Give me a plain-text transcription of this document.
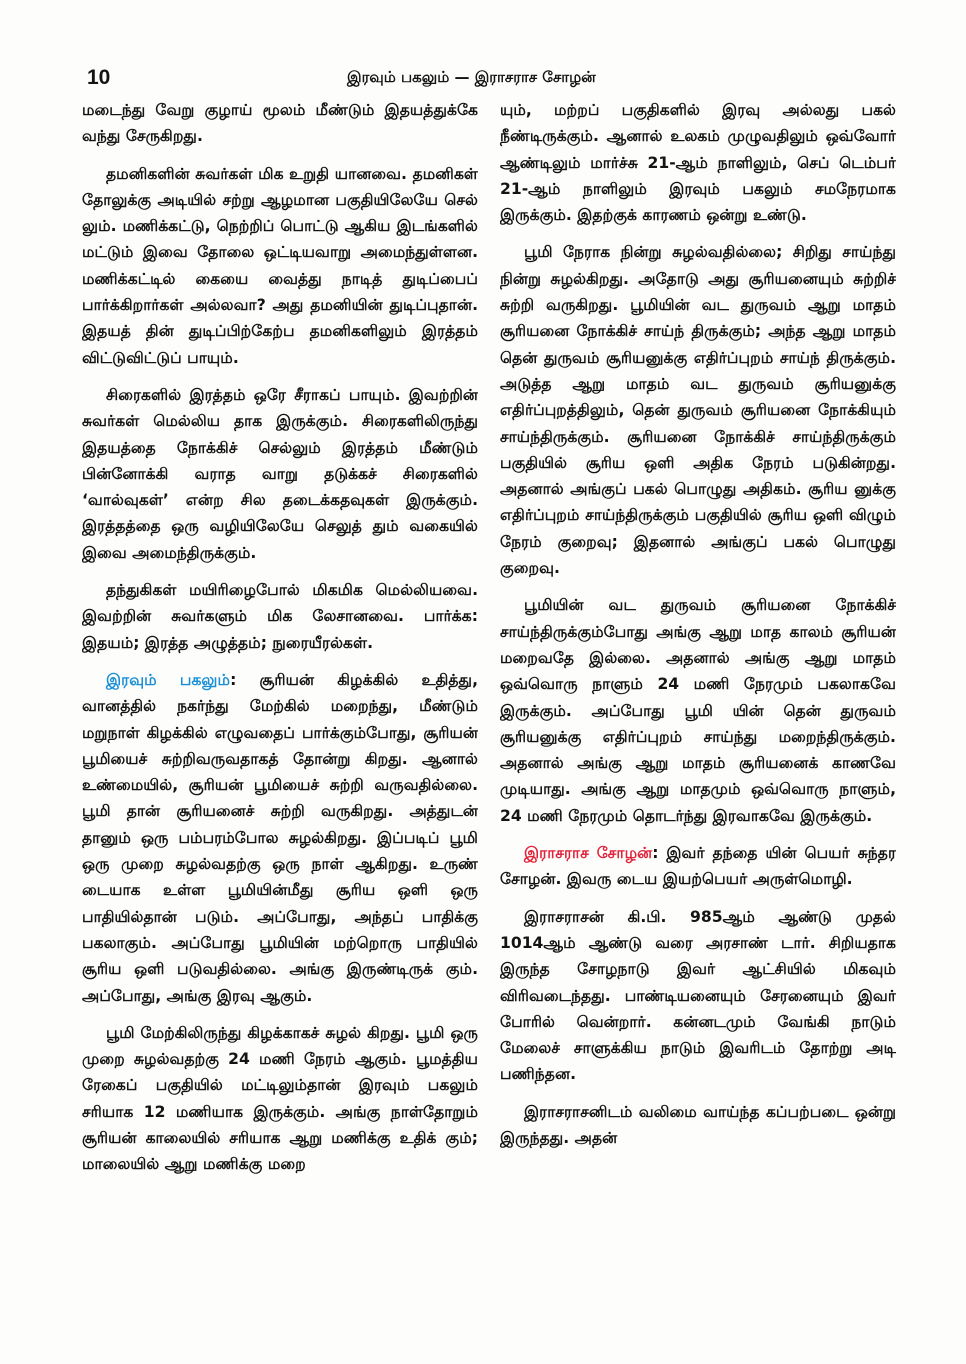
10	இரவும் பகலும் — இராசராச சோழன்

மடைந்து வேறு குழாய் மூலம் மீண்டும் இதயத்துக்கே வந்து சேருகிறது.

தமனிகளின் சுவர்கள் மிக உறுதி யானவை. தமனிகள் தோலுக்கு அடியில் சற்று ஆழமான பகுதியிலேயே செல் லும். மணிக்கட்டு, நெற்றிப் பொட்டு ஆகிய இடங்களில் மட்டும் இவை தோலை ஒட்டியவாறு அமைந்துள்ளன. மணிக்கட்டில் கையை வைத்து நாடித் துடிப்பைப் பார்க்கிறார்கள் அல்லவா? அது தமனியின் துடிப்புதான். இதயத் தின் துடிப்பிற்கேற்ப தமனிகளிலும் இரத்தம் விட்டுவிட்டுப் பாயும்.

சிரைகளில் இரத்தம் ஒரே சீராகப் பாயும். இவற்றின் சுவர்கள் மெல்லிய தாக இருக்கும். சிரைகளிலிருந்து இதயத்தை நோக்கிச் செல்லும் இரத்தம் மீண்டும் பின்னோக்கி வராத வாறு தடுக்கச் சிரைகளில் ‘வால்வுகள்’ என்ற சில தடைக்கதவுகள் இருக்கும். இரத்தத்தை ஒரு வழியிலேயே செலுத் தும் வகையில் இவை அமைந்திருக்கும்.

தந்துகிகள் மயிரிழைபோல் மிகமிக மெல்லியவை. இவற்றின் சுவர்களும் மிக லேசானவை. பார்க்க: இதயம்; இரத்த அழுத்தம்; நுரையீரல்கள்.

இரவும் பகலும்: சூரியன் கிழக்கில் உதித்து, வானத்தில் நகர்ந்து மேற்கில் மறைந்து, மீண்டும் மறுநாள் கிழக்கில் எழுவதைப் பார்க்கும்போது, சூரியன் பூமியைச் சுற்றிவருவதாகத் தோன்று கிறது. ஆனால் உண்மையில், சூரியன் பூமியைச் சுற்றி வருவதில்லை. பூமி தான் சூரியனைச் சுற்றி வருகிறது. அத்துடன் தானும் ஒரு பம்பரம்போல சுழல்கிறது. இப்படிப் பூமி ஒரு முறை சுழல்வதற்கு ஒரு நாள் ஆகிறது. உருண் டையாக உள்ள பூமியின்மீது சூரிய ஒளி ஒரு பாதியில்தான் படும். அப்போது, அந்தப் பாதிக்கு பகலாகும். அப்போது பூமியின் மற்றொரு பாதியில் சூரிய ஒளி படுவதில்லை. அங்கு இருண்டிருக் கும். அப்போது, அங்கு இரவு ஆகும்.

பூமி மேற்கிலிருந்து கிழக்காகச் சுழல் கிறது. பூமி ஒரு முறை சுழல்வதற்கு 24 மணி நேரம் ஆகும். பூமத்திய ரேகைப் பகுதியில் மட்டிலும்தான் இரவும் பகலும் சரியாக 12 மணியாக இருக்கும். அங்கு நாள்தோறும் சூரியன் காலையில் சரியாக ஆறு மணிக்கு உதிக் கும்; மாலையில் ஆறு மணிக்கு மறை

யும், மற்றப் பகுதிகளில் இரவு அல்லது பகல் நீண்டிருக்கும். ஆனால் உலகம் முழுவதிலும் ஒவ்வோர் ஆண்டிலும் மார்ச்சு 21-ஆம் நாளிலும், செப் டெம்பர் 21-ஆம் நாளிலும் இரவும் பகலும் சமநேரமாக இருக்கும். இதற்குக் காரணம் ஒன்று உண்டு.

பூமி நேராக நின்று சுழல்வதில்லை; சிறிது சாய்ந்து நின்று சுழல்கிறது. அதோடு அது சூரியனையும் சுற்றிச் சுற்றி வருகிறது. பூமியின் வட துருவம் ஆறு மாதம் சூரியனை நோக்கிச் சாய்ந் திருக்கும்; அந்த ஆறு மாதம் தென் துருவம் சூரியனுக்கு எதிர்ப்புறம் சாய்ந் திருக்கும். அடுத்த ஆறு மாதம் வட துருவம் சூரியனுக்கு எதிர்ப்புறத்திலும், தென் துருவம் சூரியனை நோக்கியும் சாய்ந்திருக்கும். சூரியனை நோக்கிச் சாய்ந்திருக்கும் பகுதியில் சூரிய ஒளி அதிக நேரம் படுகின்றது. அதனால் அங்குப் பகல் பொழுது அதிகம். சூரிய னுக்கு எதிர்ப்புறம் சாய்ந்திருக்கும் பகுதியில் சூரிய ஒளி விழும் நேரம் குறைவு; இதனால் அங்குப் பகல் பொழுது குறைவு.

பூமியின் வட துருவம் சூரியனை நோக்கிச் சாய்ந்திருக்கும்போது அங்கு ஆறு மாத காலம் சூரியன் மறைவதே இல்லை. அதனால் அங்கு ஆறு மாதம் ஒவ்வொரு நாளும் 24 மணி நேரமும் பகலாகவே இருக்கும். அப்போது பூமி யின் தென் துருவம் சூரியனுக்கு எதிர்ப்புறம் சாய்ந்து மறைந்திருக்கும். அதனால் அங்கு ஆறு மாதம் சூரியனைக் காணவே முடியாது. அங்கு ஆறு மாதமும் ஒவ்வொரு நாளும், 24 மணி நேரமும் தொடர்ந்து இரவாகவே இருக்கும்.

இராசராச சோழன்: இவர் தந்தை யின் பெயர் சுந்தர சோழன். இவரு டைய இயற்பெயர் அருள்மொழி.

இராசராசன் கி.பி. 985ஆம் ஆண்டு முதல் 1014ஆம் ஆண்டு வரை அரசாண் டார். சிறியதாக இருந்த சோழநாடு இவர் ஆட்சியில் மிகவும் விரிவடைந்தது. பாண்டியனையும் சேரனையும் இவர் போரில் வென்றார். கன்னடமும் வேங்கி நாடும் மேலைச் சாளுக்கிய நாடும் இவரிடம் தோற்று அடி பணிந்தன.

இராசராசனிடம் வலிமை வாய்ந்த கப்பற்படை ஒன்று இருந்தது. அதன்
